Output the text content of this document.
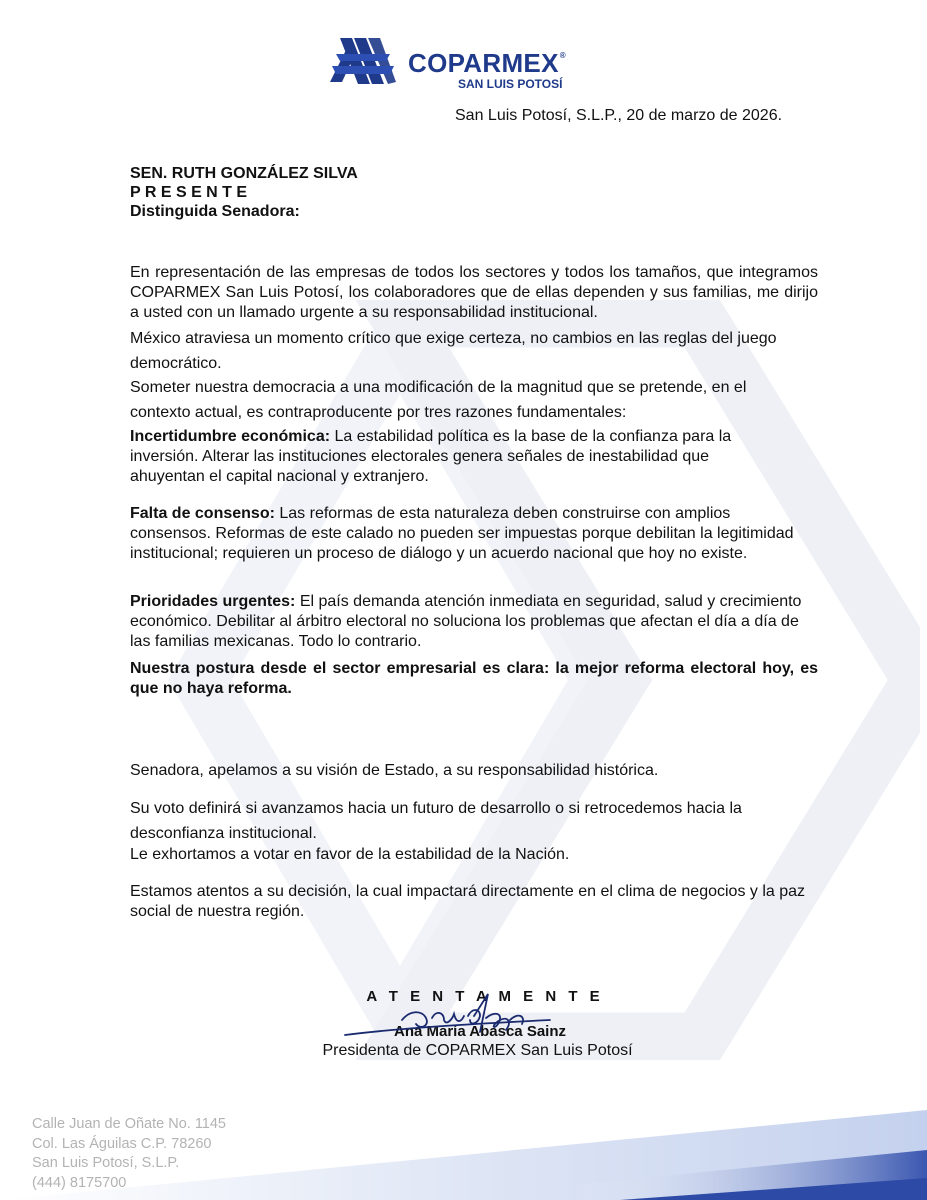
COPARMEX®
SAN LUIS POTOSÍ
San Luis Potosí, S.L.P., 20 de marzo de 2026.
SEN. RUTH GONZÁLEZ SILVA
P R E S E N T E
Distinguida Senadora:
En representación de las empresas de todos los sectores y todos los tamaños, que integramos COPARMEX San Luis Potosí, los colaboradores que de ellas dependen y sus familias, me dirijo a usted con un llamado urgente a su responsabilidad institucional.
México atraviesa un momento crítico que exige certeza, no cambios en las reglas del juego democrático.
Someter nuestra democracia a una modificación de la magnitud que se pretende, en el contexto actual, es contraproducente por tres razones fundamentales:
Incertidumbre económica: La estabilidad política es la base de la confianza para la inversión. Alterar las instituciones electorales genera señales de inestabilidad que ahuyentan el capital nacional y extranjero.
Falta de consenso: Las reformas de esta naturaleza deben construirse con amplios consensos. Reformas de este calado no pueden ser impuestas porque debilitan la legitimidad institucional; requieren un proceso de diálogo y un acuerdo nacional que hoy no existe.
Prioridades urgentes: El país demanda atención inmediata en seguridad, salud y crecimiento económico. Debilitar al árbitro electoral no soluciona los problemas que afectan el día a día de las familias mexicanas. Todo lo contrario.
Nuestra postura desde el sector empresarial es clara: la mejor reforma electoral hoy, es que no haya reforma.
Senadora, apelamos a su visión de Estado, a su responsabilidad histórica.
Su voto definirá si avanzamos hacia un futuro de desarrollo o si retrocedemos hacia la desconfianza institucional.
Le exhortamos a votar en favor de la estabilidad de la Nación.
Estamos atentos a su decisión, la cual impactará directamente en el clima de negocios y la paz social de nuestra región.
A T E N T A M E N T E
Ana María Abasca Sainz
Presidenta de COPARMEX San Luis Potosí
Calle Juan de Oñate No. 1145
Col. Las Águilas C.P. 78260
San Luis Potosí, S.L.P.
(444) 8175700
